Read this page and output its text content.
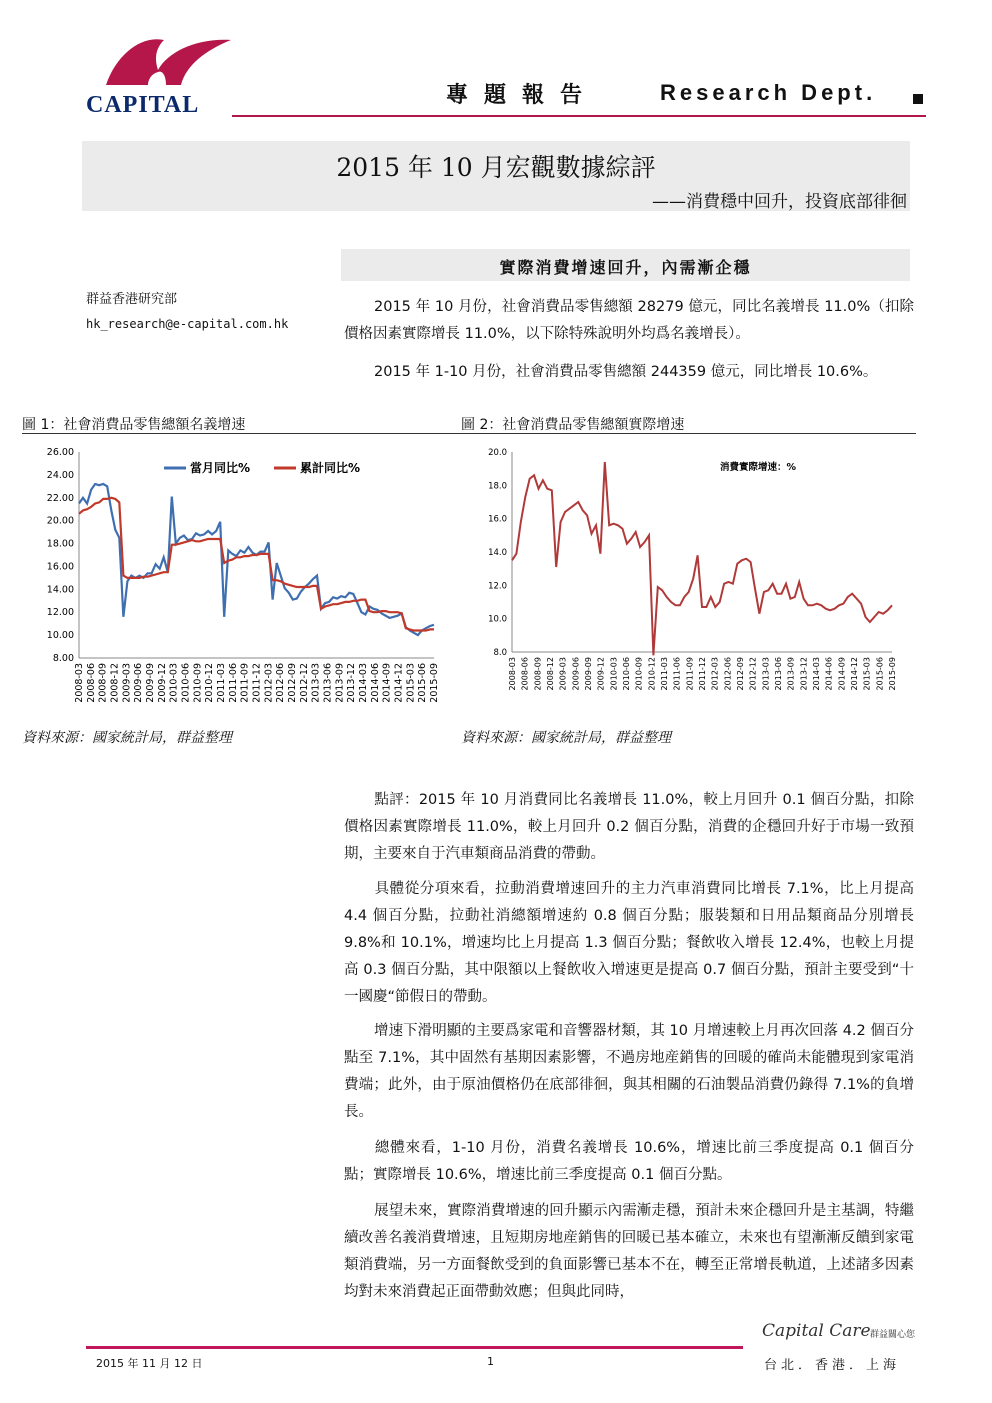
CAPITAL	專題報告	Research Dept.
2015 年 10 月宏觀數據綜評
——消費穩中回升，投資底部徘徊
實際消費增速回升，內需漸企穩
群益香港研究部
hk_research@e-capital.com.hk
2015 年 10 月份，社會消費品零售總額 28279 億元，同比名義增長 11.0%（扣除價格因素實際增長 11.0%，以下除特殊說明外均爲名義增長）。
2015 年 1-10 月份，社會消費品零售總額 244359 億元，同比增長 10.6%。
圖 1：社會消費品零售總額名義增速	圖 2：社會消費品零售總額實際增速
8.00
10.00
12.00
14.00
16.00
18.00
20.00
22.00
24.00
26.00
2008-03 2008-06 2008-09 2008-12 2009-03 2009-06 2009-09 2009-12 2010-03 2010-06 2010-09 2010-12 2011-03 2011-06 2011-09 2011-12 2012-03 2012-06 2012-09 2012-12 2013-03 2013-06 2013-09 2013-12 2014-03 2014-06 2014-09 2014-12 2015-03 2015-06 2015-09
當月同比%	累計同比%
8.0
10.0
12.0
14.0
16.0
18.0
20.0
2008-03 2008-06 2008-09 2008-12 2009-03 2009-06 2009-09 2009-12 2010-03 2010-06 2010-09 2010-12 2011-03 2011-06 2011-09 2011-12 2012-03 2012-06 2012-09 2012-12 2013-03 2013-06 2013-09 2013-12 2014-03 2014-06 2014-09 2014-12 2015-03 2015-06 2015-09
消費實際增速：%
資料來源：國家統計局，群益整理	資料來源：國家統計局，群益整理
點評：2015 年 10 月消費同比名義增長 11.0%，較上月回升 0.1 個百分點，扣除價格因素實際增長 11.0%，較上月回升 0.2 個百分點，消費的企穩回升好于市場一致預期，主要來自于汽車類商品消費的帶動。
具體從分項來看，拉動消費增速回升的主力汽車消費同比增長 7.1%，比上月提高 4.4 個百分點，拉動社消總額增速約 0.8 個百分點；服裝類和日用品類商品分別增長 9.8%和 10.1%，增速均比上月提高 1.3 個百分點；餐飲收入增長 12.4%，也較上月提高 0.3 個百分點，其中限額以上餐飲收入增速更是提高 0.7 個百分點，預計主要受到“十一國慶“節假日的帶動。
增速下滑明顯的主要爲家電和音響器材類，其 10 月增速較上月再次回落 4.2 個百分點至 7.1%，其中固然有基期因素影響，不過房地産銷售的回暖的確尚未能體現到家電消費端；此外，由于原油價格仍在底部徘徊，與其相關的石油製品消費仍錄得 7.1%的負增長。
總體來看，1-10 月份，消費名義增長 10.6%，增速比前三季度提高 0.1 個百分點；實際增長 10.6%，增速比前三季度提高 0.1 個百分點。
展望未來，實際消費增速的回升顯示內需漸走穩，預計未來企穩回升是主基調，特繼續改善名義消費增速，且短期房地産銷售的回暖已基本確立，未來也有望漸漸反饋到家電類消費端，另一方面餐飲受到的負面影響已基本不在，轉至正常增長軌道，上述諸多因素均對未來消費起正面帶動效應；但與此同時，
2015 年 11 月 12 日	1
Capital Care 群益關心您
台北．香港．上海
